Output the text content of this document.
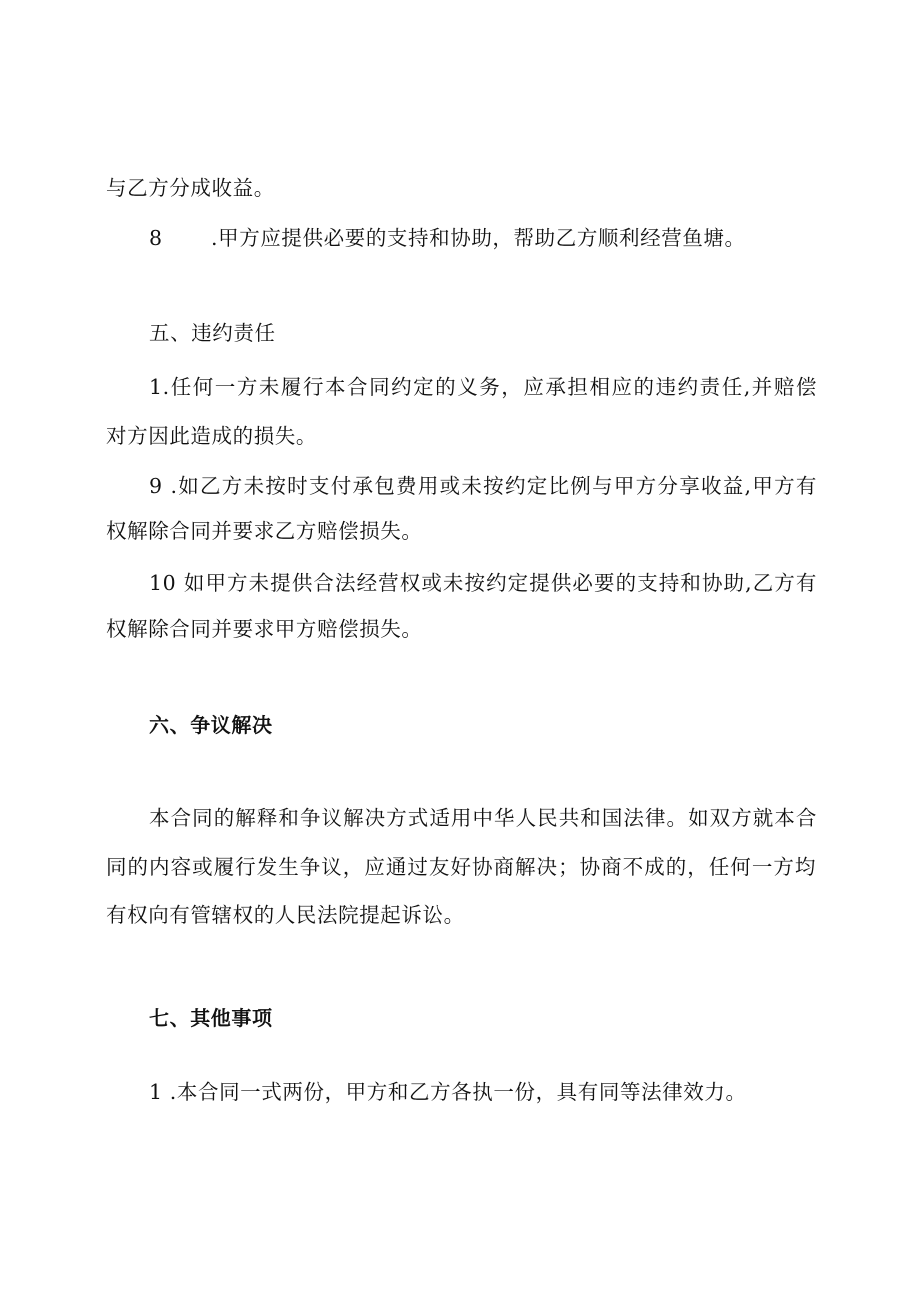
与乙方分成收益。
8 .甲方应提供必要的支持和协助，帮助乙方顺利经营鱼塘。
五、违约责任
1.任何一方未履行本合同约定的义务，应承担相应的违约责任,并赔偿
对方因此造成的损失。
9 .如乙方未按时支付承包费用或未按约定比例与甲方分享收益,甲方有
权解除合同并要求乙方赔偿损失。
10 如甲方未提供合法经营权或未按约定提供必要的支持和协助,乙方有
权解除合同并要求甲方赔偿损失。
六、争议解决
本合同的解释和争议解决方式适用中华人民共和国法律。如双方就本合
同的内容或履行发生争议，应通过友好协商解决；协商不成的，任何一方均
有权向有管辖权的人民法院提起诉讼。
七、其他事项
1 .本合同一式两份，甲方和乙方各执一份，具有同等法律效力。
